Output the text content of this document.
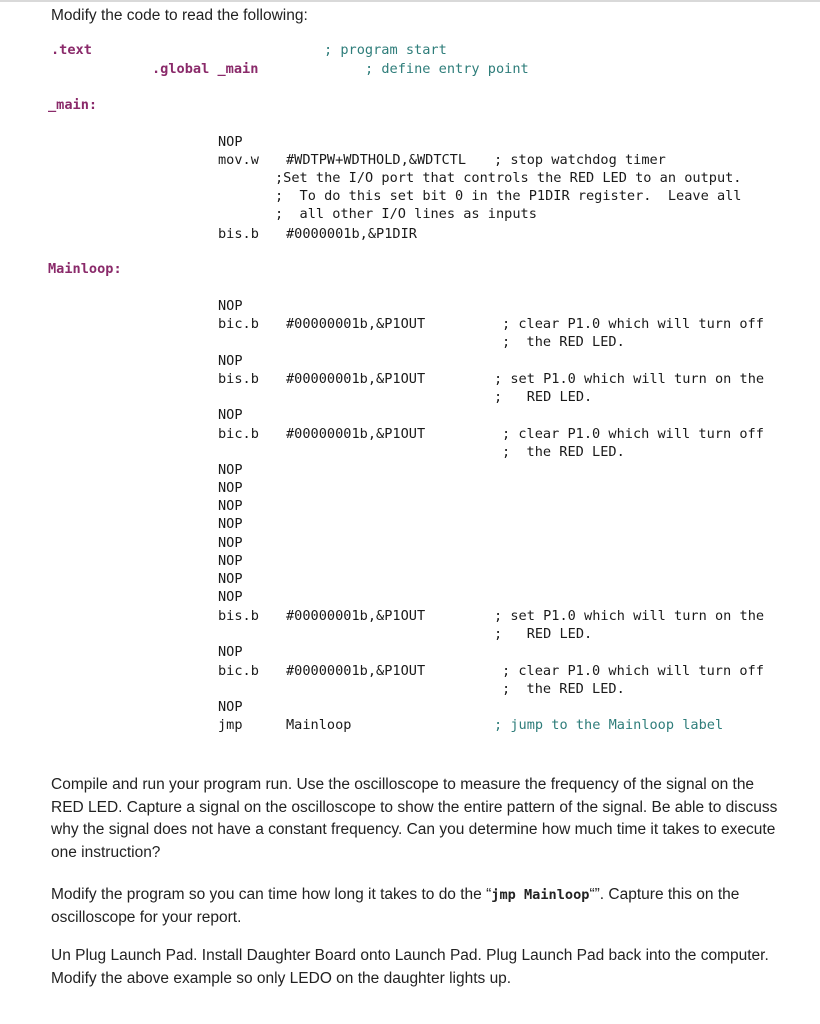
Modify the code to read the following:
.text	; program start
.global _main	; define entry point
_main:
NOP
mov.w #WDTPW+WDTHOLD,&WDTCTL ; stop watchdog timer
;Set the I/O port that controls the RED LED to an output.
;  To do this set bit 0 in the P1DIR register.  Leave all
;  all other I/O lines as inputs
bis.b #0000001b,&P1DIR
Mainloop:
NOP
bic.b #00000001b,&P1OUT	; clear P1.0 which will turn off
;  the RED LED.
NOP
bis.b #00000001b,&P1OUT	; set P1.0 which will turn on the
;   RED LED.
NOP
bic.b #00000001b,&P1OUT	; clear P1.0 which will turn off
;  the RED LED.
NOP
NOP
NOP
NOP
NOP
NOP
NOP
NOP
bis.b #00000001b,&P1OUT	; set P1.0 which will turn on the
;   RED LED.
NOP
bic.b #00000001b,&P1OUT	; clear P1.0 which will turn off
;  the RED LED.
NOP
jmp	Mainloop	; jump to the Mainloop label
Compile and run your program run. Use the oscilloscope to measure the frequency of the signal on the RED LED. Capture a signal on the oscilloscope to show the entire pattern of the signal. Be able to discuss why the signal does not have a constant frequency. Can you determine how much time it takes to execute one instruction?
Modify the program so you can time how long it takes to do the “jmp Mainloop“”. Capture this on the oscilloscope for your report.
Un Plug Launch Pad. Install Daughter Board onto Launch Pad. Plug Launch Pad back into the computer. Modify the above example so only LEDO on the daughter lights up.
